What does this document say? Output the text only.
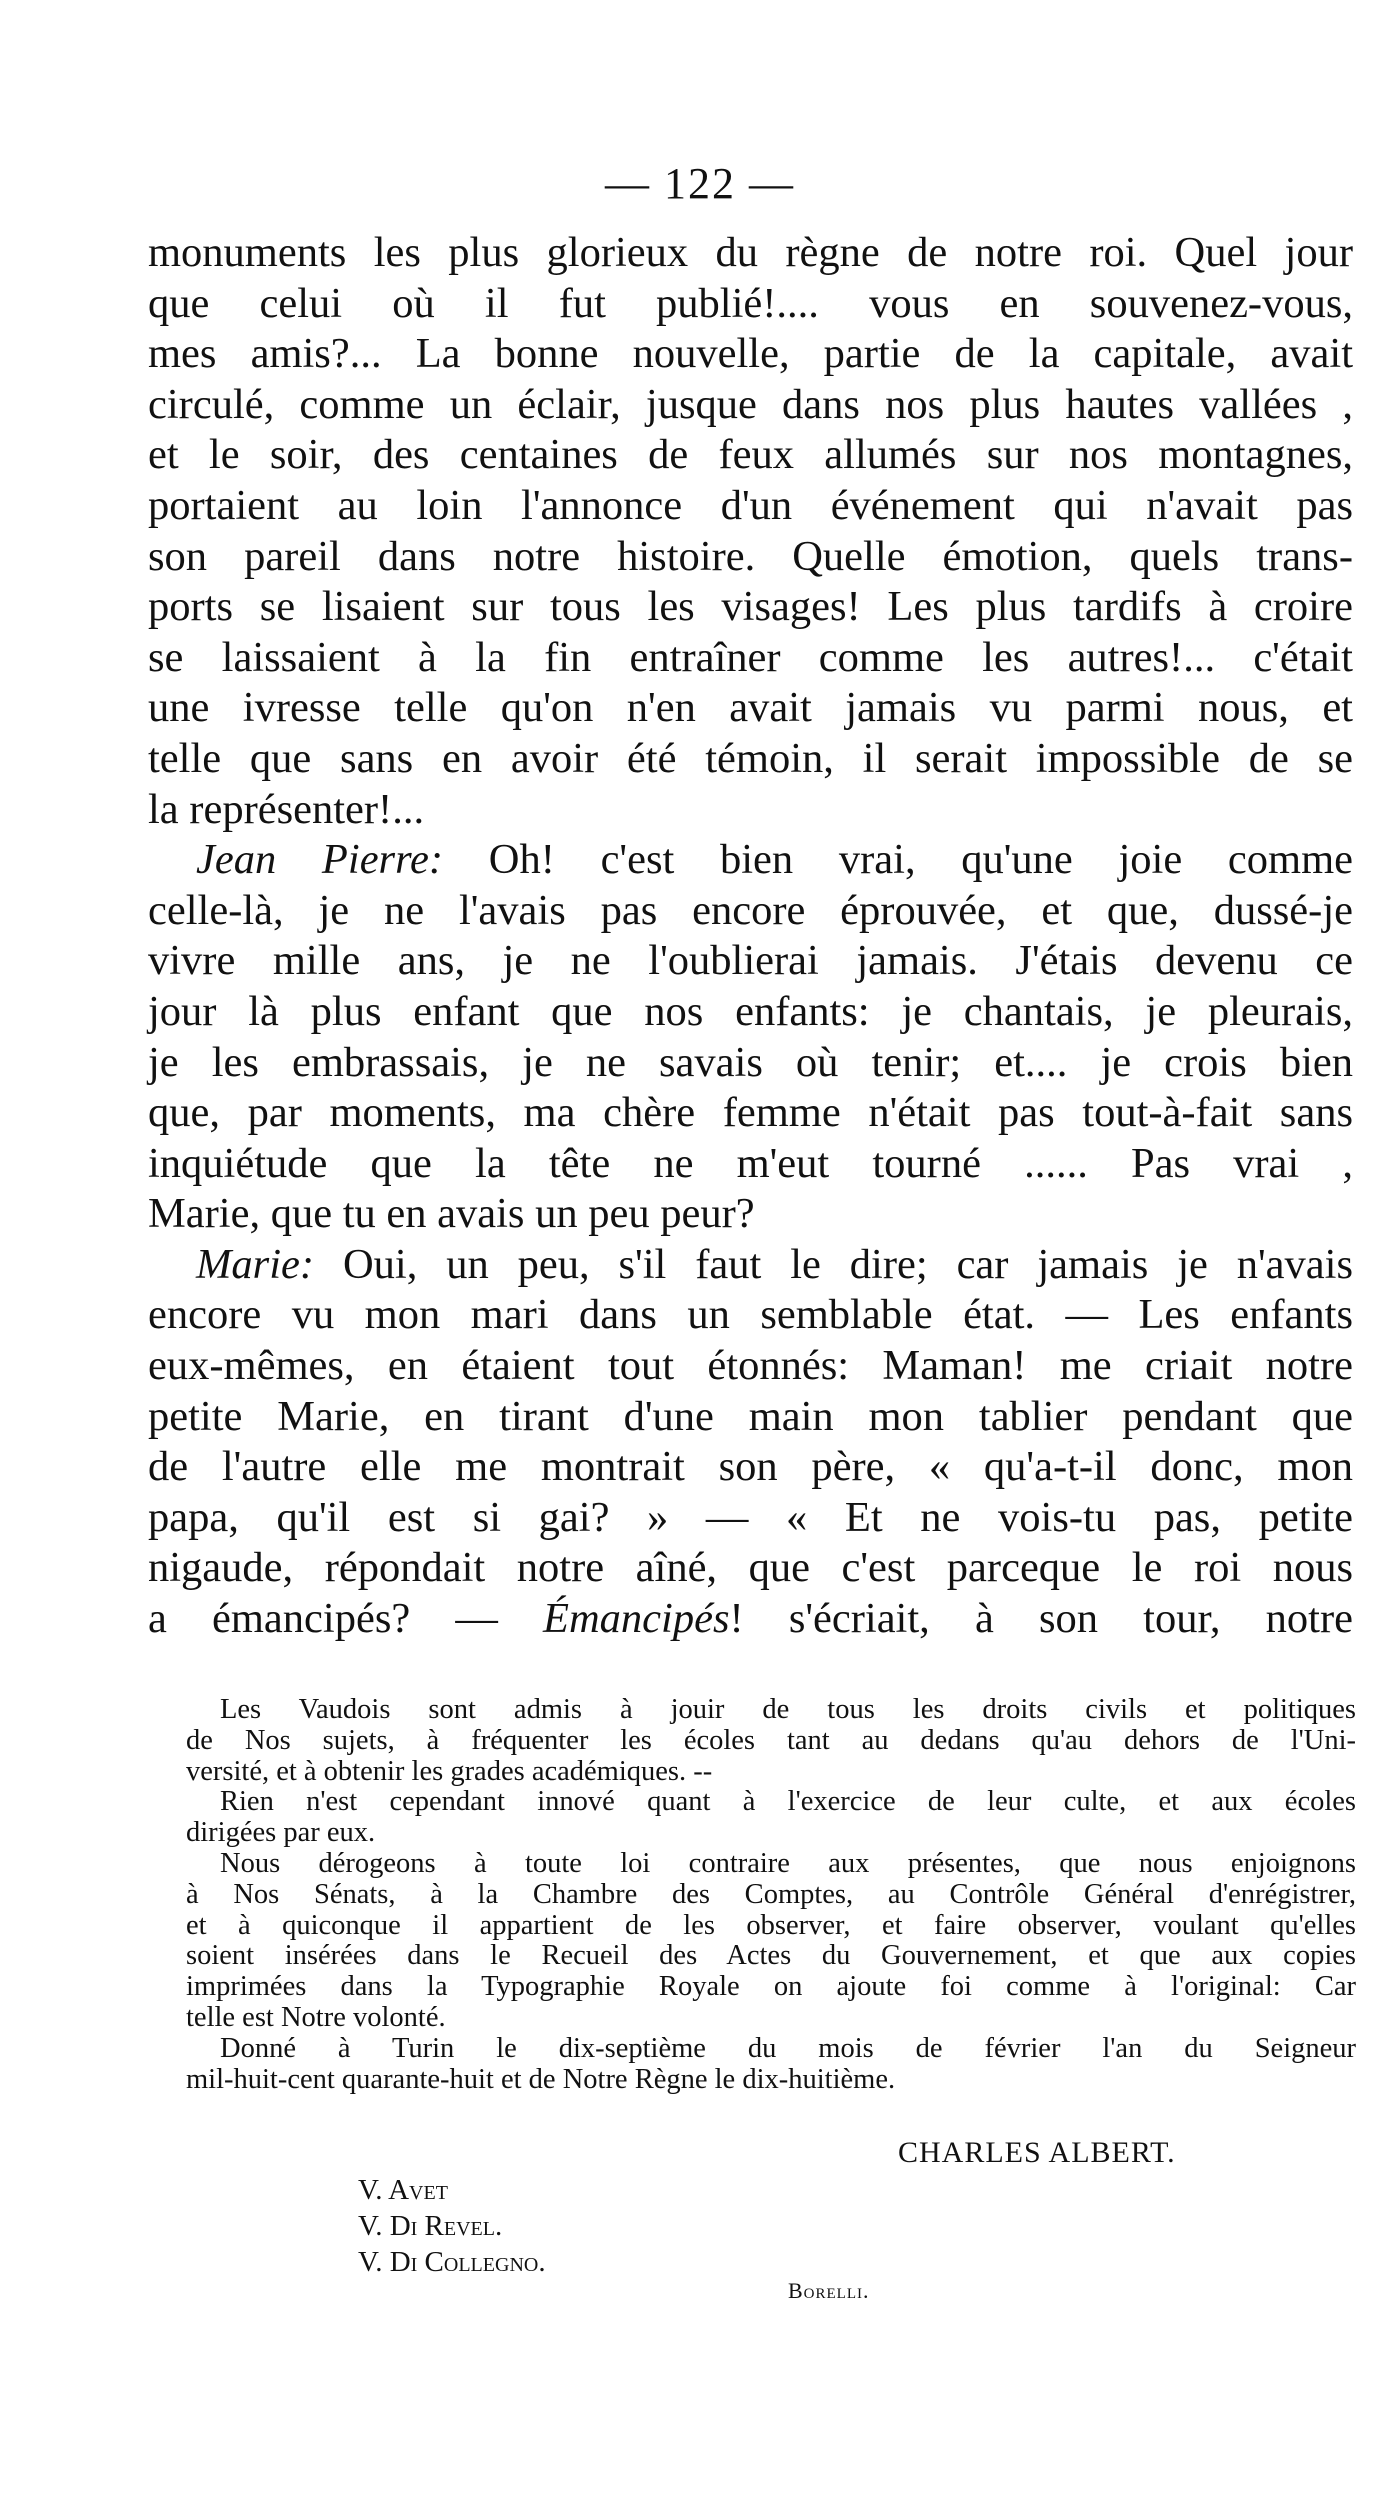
— 122 —
monuments les plus glorieux du règne de notre roi. Quel jour
que celui où il fut publié!.... vous en souvenez-vous,
mes amis?... La bonne nouvelle, partie de la capitale, avait
circulé, comme un éclair, jusque dans nos plus hautes vallées ,
et le soir, des centaines de feux allumés sur nos montagnes,
portaient au loin l'annonce d'un événement qui n'avait pas
son pareil dans notre histoire. Quelle émotion, quels trans-
ports se lisaient sur tous les visages! Les plus tardifs à croire
se laissaient à la fin entraîner comme les autres!... c'était
une ivresse telle qu'on n'en avait jamais vu parmi nous, et
telle que sans en avoir été témoin, il serait impossible de se
la représenter!...
Jean Pierre: Oh! c'est bien vrai, qu'une joie comme
celle-là, je ne l'avais pas encore éprouvée, et que, dussé-je
vivre mille ans, je ne l'oublierai jamais. J'étais devenu ce
jour là plus enfant que nos enfants: je chantais, je pleurais,
je les embrassais, je ne savais où tenir; et.... je crois bien
que, par moments, ma chère femme n'était pas tout-à-fait sans
inquiétude que la tête ne m'eut tourné ...... Pas vrai ,
Marie, que tu en avais un peu peur?
Marie: Oui, un peu, s'il faut le dire; car jamais je n'avais
encore vu mon mari dans un semblable état. — Les enfants
eux-mêmes, en étaient tout étonnés: Maman! me criait notre
petite Marie, en tirant d'une main mon tablier pendant que
de l'autre elle me montrait son père, « qu'a-t-il donc, mon
papa, qu'il est si gai? » — « Et ne vois-tu pas, petite
nigaude, répondait notre aîné, que c'est parceque le roi nous
a émancipés? — Émancipés! s'écriait, à son tour, notre
Les Vaudois sont admis à jouir de tous les droits civils et politiques
de Nos sujets, à fréquenter les écoles tant au dedans qu'au dehors de l'Uni-
versité, et à obtenir les grades académiques. --
Rien n'est cependant innové quant à l'exercice de leur culte, et aux écoles
dirigées par eux.
Nous dérogeons à toute loi contraire aux présentes, que nous enjoignons
à Nos Sénats, à la Chambre des Comptes, au Contrôle Général d'enrégistrer,
et à quiconque il appartient de les observer, et faire observer, voulant qu'elles
soient insérées dans le Recueil des Actes du Gouvernement, et que aux copies
imprimées dans la Typographie Royale on ajoute foi comme à l'original: Car
telle est Notre volonté.
Donné à Turin le dix-septième du mois de février l'an du Seigneur
mil-huit-cent quarante-huit et de Notre Règne le dix-huitième.
CHARLES ALBERT.
V. Avet
V. Di Revel.
V. Di Collegno.
Borelli.
